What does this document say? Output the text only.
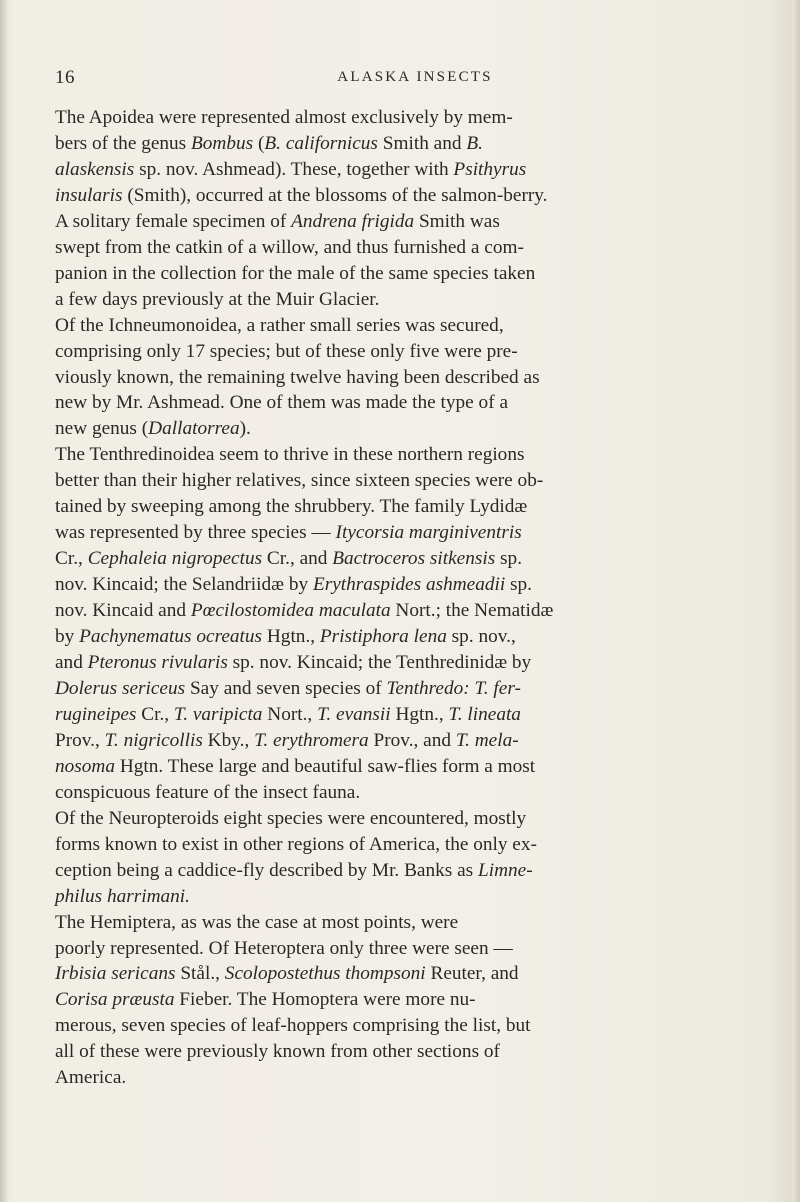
16	ALASKA INSECTS

The Apoidea were represented almost exclusively by mem-
bers of the genus Bombus (B. californicus Smith and B.
alaskensis sp. nov. Ashmead). These, together with Psithyrus
insularis (Smith), occurred at the blossoms of the salmon-berry.
A solitary female specimen of Andrena frigida Smith was
swept from the catkin of a willow, and thus furnished a com-
panion in the collection for the male of the same species taken
a few days previously at the Muir Glacier.

Of the Ichneumonoidea, a rather small series was secured,
comprising only 17 species; but of these only five were pre-
viously known, the remaining twelve having been described as
new by Mr. Ashmead. One of them was made the type of a
new genus (Dallatorrea).

The Tenthredinoidea seem to thrive in these northern regions
better than their higher relatives, since sixteen species were ob-
tained by sweeping among the shrubbery. The family Lydidæ
was represented by three species — Itycorsia marginiventris
Cr., Cephaleia nigropectus Cr., and Bactroceros sitkensis sp.
nov. Kincaid; the Selandriidæ by Erythraspides ashmeadii sp.
nov. Kincaid and Pœcilostomidea maculata Nort.; the Nematidæ
by Pachynematus ocreatus Hgtn., Pristiphora lena sp. nov.,
and Pteronus rivularis sp. nov. Kincaid; the Tenthredinidæ by
Dolerus sericeus Say and seven species of Tenthredo: T. fer-
rugineipes Cr., T. varipicta Nort., T. evansii Hgtn., T. lineata
Prov., T. nigricollis Kby., T. erythromera Prov., and T. mela-
nosoma Hgtn. These large and beautiful saw-flies form a most
conspicuous feature of the insect fauna.

Of the Neuropteroids eight species were encountered, mostly
forms known to exist in other regions of America, the only ex-
ception being a caddice-fly described by Mr. Banks as Limne-
philus harrimani.

The Hemiptera, as was the case at most points, were
poorly represented. Of Heteroptera only three were seen —
Irbisia sericans Stål., Scolopostethus thompsoni Reuter, and
Corisa præusta Fieber. The Homoptera were more nu-
merous, seven species of leaf-hoppers comprising the list, but
all of these were previously known from other sections of
America.
